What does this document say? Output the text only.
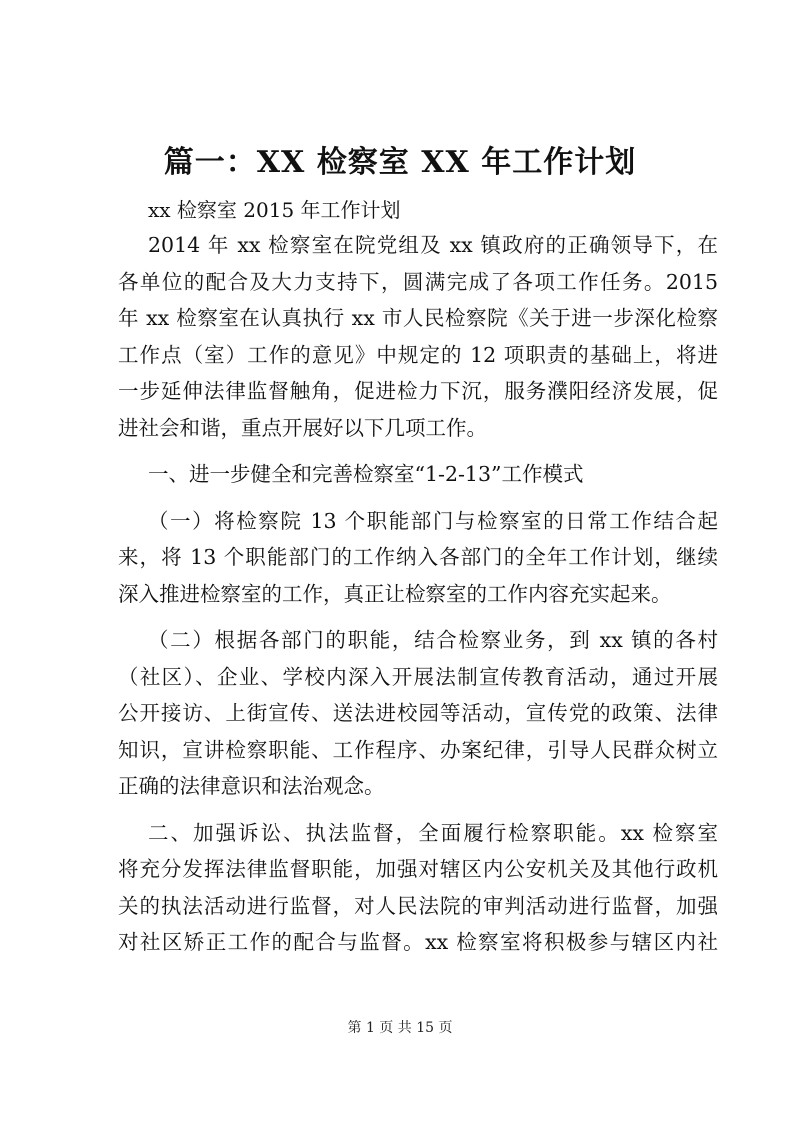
篇一：XX 检察室 XX 年工作计划
xx 检察室 2015 年工作计划
2014 年 xx 检察室在院党组及 xx 镇政府的正确领导下，在
各单位的配合及大力支持下，圆满完成了各项工作任务。2015
年 xx 检察室在认真执行 xx 市人民检察院《关于进一步深化检察
工作点（室）工作的意见》中规定的 12 项职责的基础上，将进
一步延伸法律监督触角，促进检力下沉，服务濮阳经济发展，促
进社会和谐，重点开展好以下几项工作。
一、进一步健全和完善检察室“1-2-13”工作模式
（一）将检察院 13 个职能部门与检察室的日常工作结合起
来，将 13 个职能部门的工作纳入各部门的全年工作计划，继续
深入推进检察室的工作，真正让检察室的工作内容充实起来。
（二）根据各部门的职能，结合检察业务，到 xx 镇的各村
（社区）、企业、学校内深入开展法制宣传教育活动，通过开展
公开接访、上街宣传、送法进校园等活动，宣传党的政策、法律
知识，宣讲检察职能、工作程序、办案纪律，引导人民群众树立
正确的法律意识和法治观念。
二、加强诉讼、执法监督，全面履行检察职能。xx 检察室
将充分发挥法律监督职能，加强对辖区内公安机关及其他行政机
关的执法活动进行监督，对人民法院的审判活动进行监督，加强
对社区矫正工作的配合与监督。xx 检察室将积极参与辖区内社
第 1 页 共 15 页
